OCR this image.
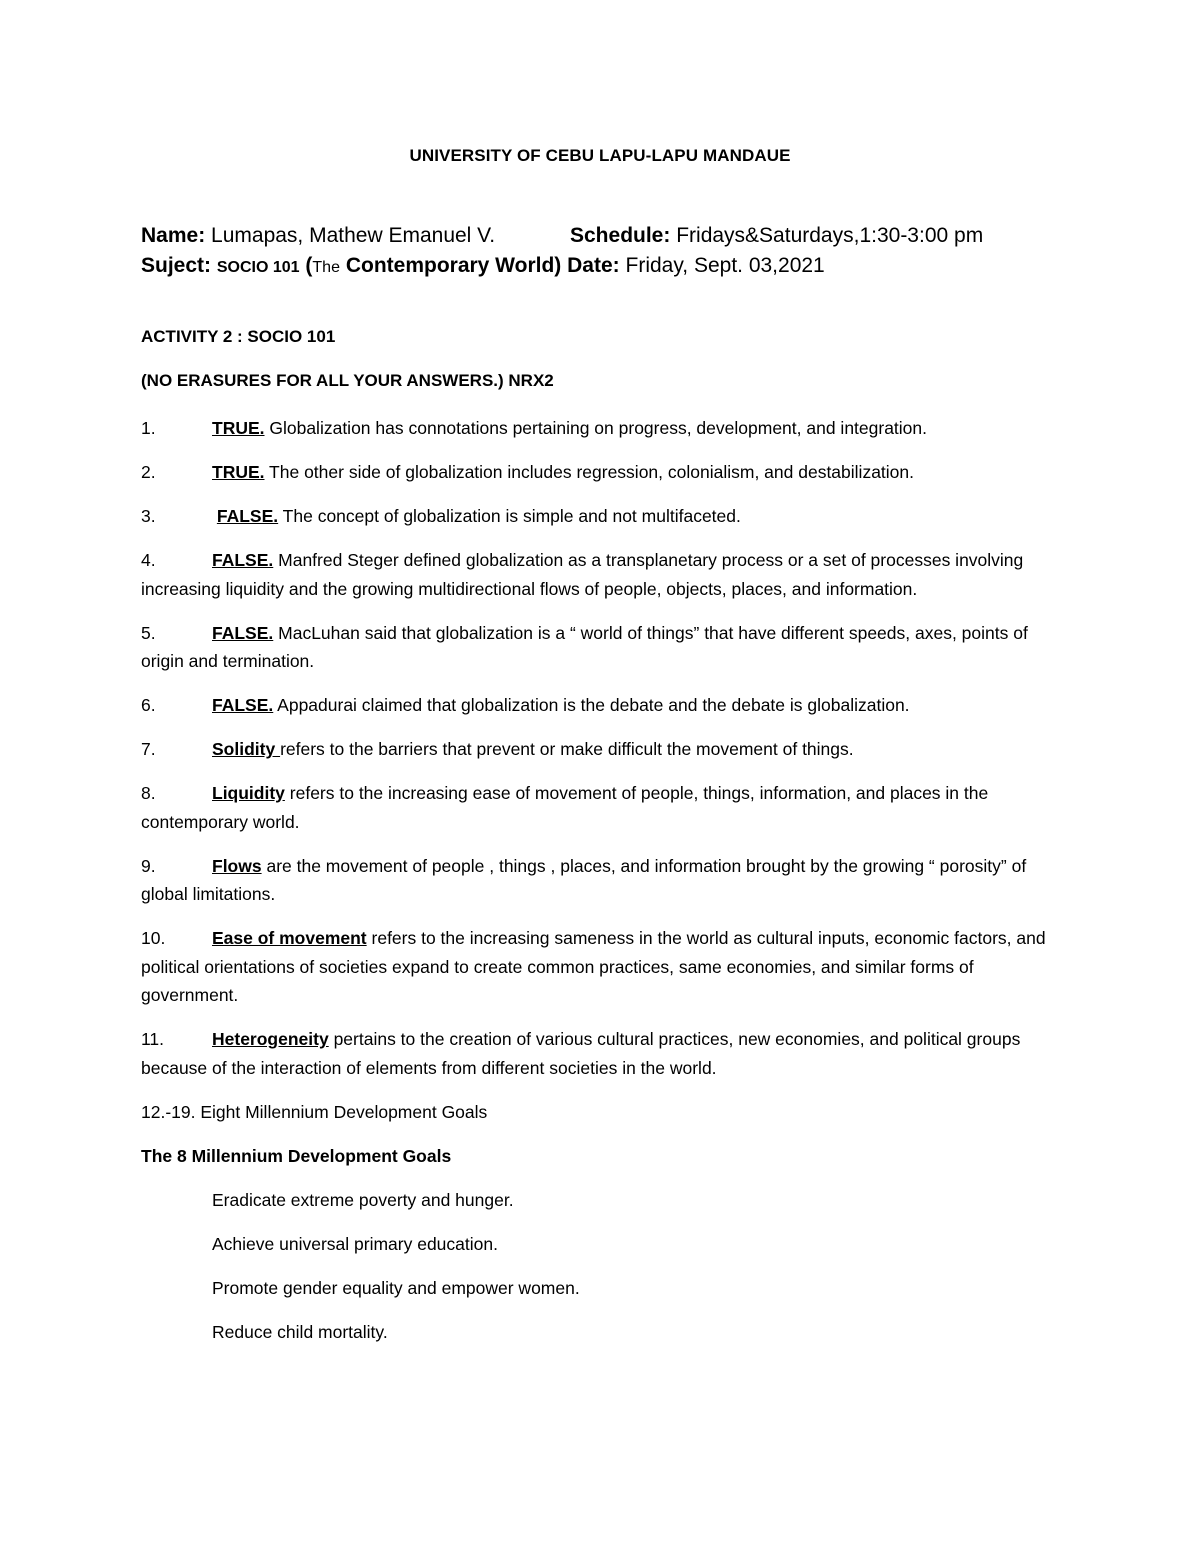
UNIVERSITY OF CEBU LAPU-LAPU MANDAUE
Name: Lumapas, Mathew Emanuel V.	Schedule: Fridays&Saturdays,1:30-3:00 pm
Suject: SOCIO 101 (The Contemporary World) Date: Friday, Sept. 03,2021
ACTIVITY 2 : SOCIO 101
(NO ERASURES FOR ALL YOUR ANSWERS.) NRX2
1.	TRUE. Globalization has connotations pertaining on progress, development, and integration.
2.	TRUE. The other side of globalization includes regression, colonialism, and destabilization.
3.	FALSE. The concept of globalization is simple and not multifaceted.
4.	FALSE. Manfred Steger defined globalization as a transplanetary process or a set of processes involving increasing liquidity and the growing multidirectional flows of people, objects, places, and information.
5.	FALSE. MacLuhan said that globalization is a “ world of things” that have different speeds, axes, points of origin and termination.
6.	FALSE. Appadurai claimed that globalization is the debate and the debate is globalization.
7.	Solidity refers to the barriers that prevent or make difficult the movement of things.
8.	Liquidity refers to the increasing ease of movement of people, things, information, and places in the contemporary world.
9.	Flows are the movement of people , things , places, and information brought by the growing “ porosity” of global limitations.
10.	Ease of movement refers to the increasing sameness in the world as cultural inputs, economic factors, and political orientations of societies expand to create common practices, same economies, and similar forms of government.
11.	Heterogeneity pertains to the creation of various cultural practices, new economies, and political groups because of the interaction of elements from different societies in the world.
12.-19. Eight Millennium Development Goals
The 8 Millennium Development Goals
Eradicate extreme poverty and hunger.
Achieve universal primary education.
Promote gender equality and empower women.
Reduce child mortality.
